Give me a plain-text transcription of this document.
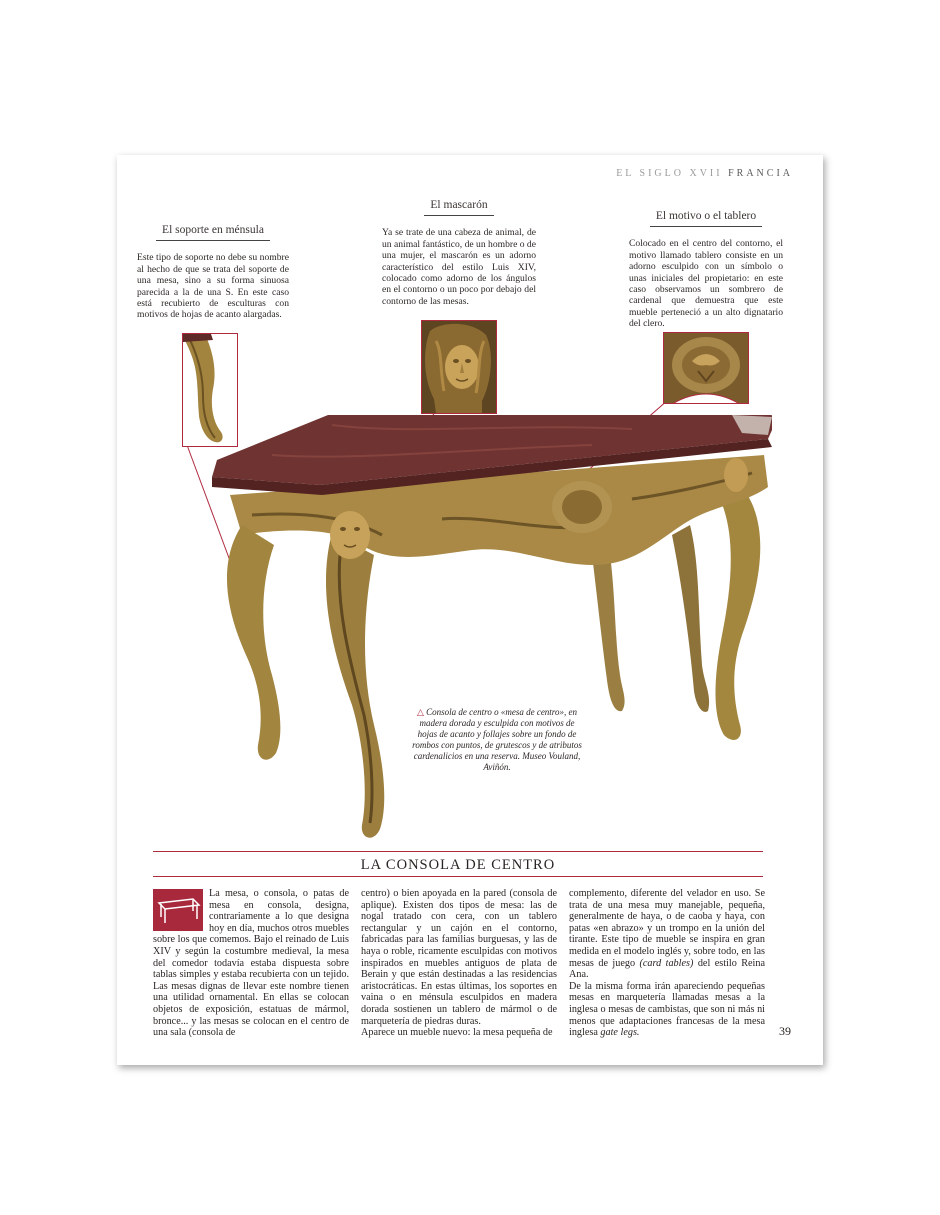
EL SIGLO XVII FRANCIA
El soporte en ménsula

Este tipo de soporte no debe su nombre al hecho de que se trata del soporte de una mesa, sino a su forma sinuosa parecida a la de una S. En este caso está recubierto de esculturas con motivos de hojas de acanto alargadas.

El mascarón

Ya se trate de una cabeza de animal, de un animal fantástico, de un hombre o de una mujer, el mascarón es un adorno característico del estilo Luis XIV, colocado como adorno de los ángulos en el contorno o un poco por debajo del contorno de las mesas.

El motivo o el tablero

Colocado en el centro del contorno, el motivo llamado tablero consiste en un adorno esculpido con un símbolo o unas iniciales del propietario: en este caso observamos un sombrero de cardenal que demuestra que este mueble perteneció a un alto dignatario del clero.

△ Consola de centro o «mesa de centro», en madera dorada y esculpida con motivos de hojas de acanto y follajes sobre un fondo de rombos con puntos, de grutescos y de atributos cardenalicios en una reserva. Museo Vouland, Aviñón.
LA CONSOLA DE CENTRO

La mesa, o consola, o patas de mesa en consola, designa, contrariamente a lo que designa hoy en día, muchos otros muebles sobre los que comemos. Bajo el reinado de Luis XIV y según la costumbre medieval, la mesa del comedor todavía estaba dispuesta sobre tablas simples y estaba recubierta con un tejido. Las mesas dignas de llevar este nombre tienen una utilidad ornamental. En ellas se colocan objetos de exposición, estatuas de mármol, bronce... y las mesas se colocan en el centro de una sala (consola de

centro) o bien apoyada en la pared (consola de aplique). Existen dos tipos de mesa: las de nogal tratado con cera, con un tablero rectangular y un cajón en el contorno, fabricadas para las familias burguesas, y las de haya o roble, ricamente esculpidas con motivos inspirados en muebles antiguos de plata de Berain y que están destinadas a las residencias aristocráticas. En estas últimas, los soportes en vaina o en ménsula esculpidos en madera dorada sostienen un tablero de mármol o de marquetería de piedras duras.

Aparece un mueble nuevo: la mesa pequeña de

complemento, diferente del velador en uso. Se trata de una mesa muy manejable, pequeña, generalmente de haya, o de caoba y haya, con patas «en abrazo» y un trompo en la unión del tirante. Este tipo de mueble se inspira en gran medida en el modelo inglés y, sobre todo, en las mesas de juego (card tables) del estilo Reina Ana.

De la misma forma irán apareciendo pequeñas mesas en marquetería llamadas mesas a la inglesa o mesas de cambistas, que son ni más ni menos que adaptaciones francesas de la mesa inglesa gate legs.	39
